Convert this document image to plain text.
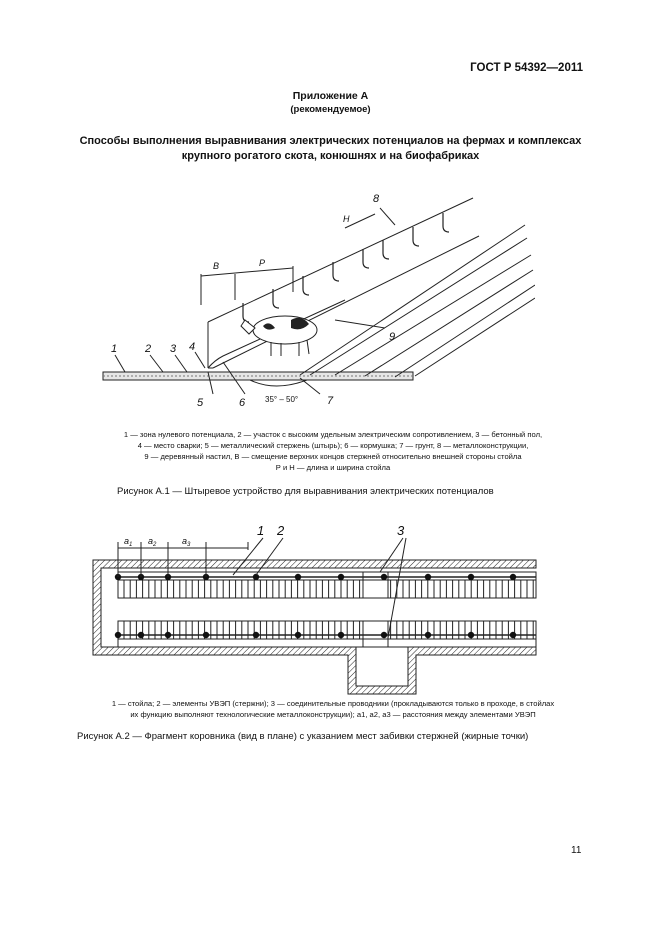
ГОСТ Р 54392—2011
Приложение А
(рекомендуемое)
Способы выполнения выравнивания электрических потенциалов на фермах и комплексах
крупного рогатого скота, конюшнях и на биофабриках
1	2 3 4
5	6	7
8
9
B	P
H
35° – 50°
1 — зона нулевого потенциала, 2 — участок с высоким удельным электрическим сопротивлением, 3 — бетонный пол,
4 — место сварки; 5 — металлический стержень (штырь); 6 — кормушка; 7 — грунт, 8 — металлоконструкции,
9 — деревянный настил, В — смещение верхних концов стержней относительно внешней стороны стойла
Р и Н — длина и ширина стойла
Рисунок А.1 — Штыревое устройство для выравнивания электрических потенциалов
$a_1$ $a_2$	$a_3$
1 2	3
1 — стойла; 2 — элементы УВЭП (стержни); 3 — соединительные проводники (прокладываются только в проходе, в стойлах
их функцию выполняют технологические металлоконструкции); a1, a2, a3 — расстояния между элементами УВЭП
Рисунок А.2 — Фрагмент коровника (вид в плане) с указанием мест забивки стержней (жирные точки)
11
